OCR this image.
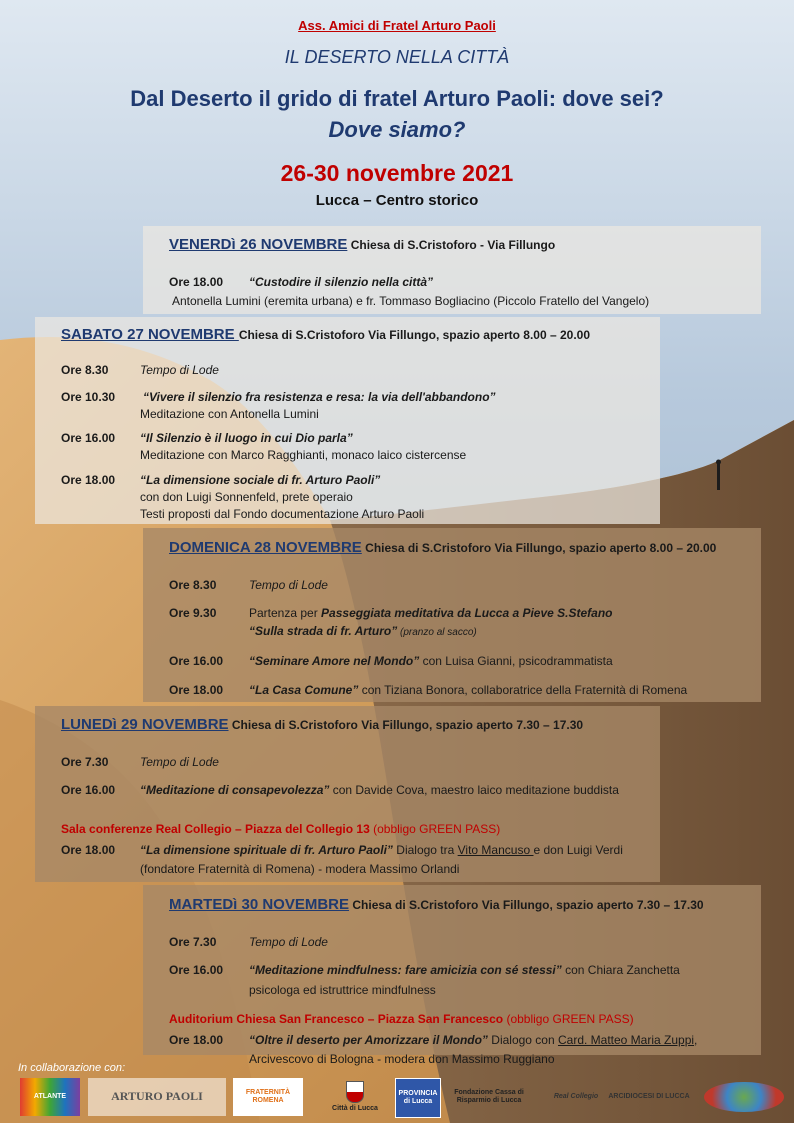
Ass. Amici di Fratel Arturo Paoli
IL DESERTO NELLA CITTÀ
Dal Deserto il grido di fratel Arturo Paoli: dove sei?
Dove siamo?
26-30 novembre 2021
Lucca – Centro storico
VENERDì 26 NOVEMBRE Chiesa di S.Cristoforo - Via Fillungo
Ore 18.00 “Custodire il silenzio nella città”
Antonella Lumini (eremita urbana) e fr. Tommaso Bogliacino (Piccolo Fratello del Vangelo)
SABATO 27 NOVEMBRE Chiesa di S.Cristoforo Via Fillungo, spazio aperto 8.00 – 20.00
Ore 8.30	Tempo di Lode
Ore 10.30 “Vivere il silenzio fra resistenza e resa: la via dell'abbandono”
Meditazione con Antonella Lumini
Ore 16.00 “Il Silenzio è il luogo in cui Dio parla”
Meditazione con Marco Ragghianti, monaco laico cistercense
Ore 18.00 “La dimensione sociale di fr. Arturo Paoli”
con don Luigi Sonnenfeld, prete operaio
Testi proposti dal Fondo documentazione Arturo Paoli
DOMENICA 28 NOVEMBRE Chiesa di S.Cristoforo Via Fillungo, spazio aperto 8.00 – 20.00
Ore 8.30	Tempo di Lode
Ore 9.30	Partenza per Passeggiata meditativa da Lucca a Pieve S.Stefano
“Sulla strada di fr. Arturo” (pranzo al sacco)
Ore 16.00 “Seminare Amore nel Mondo” con Luisa Gianni, psicodrammatista
Ore 18.00 “La Casa Comune” con Tiziana Bonora, collaboratrice della Fraternità di Romena
LUNEDì 29 NOVEMBRE Chiesa di S.Cristoforo Via Fillungo, spazio aperto 7.30 – 17.30
Ore 7.30	Tempo di Lode
Ore 16.00 “Meditazione di consapevolezza” con Davide Cova, maestro laico meditazione buddista
Sala conferenze Real Collegio – Piazza del Collegio 13 (obbligo GREEN PASS)
Ore 18.00 “La dimensione spirituale di fr. Arturo Paoli” Dialogo tra Vito Mancuso e don Luigi Verdi
(fondatore Fraternità di Romena) - modera Massimo Orlandi
MARTEDì 30 NOVEMBRE Chiesa di S.Cristoforo Via Fillungo, spazio aperto 7.30 – 17.30
Ore 7.30	Tempo di Lode
Ore 16.00 “Meditazione mindfulness: fare amicizia con sé stessi” con Chiara Zanchetta
psicologa ed istruttrice mindfulness
Auditorium Chiesa San Francesco – Piazza San Francesco (obbligo GREEN PASS)
Ore 18.00 “Oltre il deserto per Amorizzare il Mondo” Dialogo con Card. Matteo Maria Zuppi,
Arcivescovo di Bologna - modera don Massimo Ruggiano
In collaborazione con:
ATLANTE	ARTURO PAOLI	FRATERNITÀ ROMENA
Città di Lucca
PROVINCIA di Lucca
Fondazione Cassa di Risparmio di Lucca
Real Collegio ARCIDIOCESI DI LUCCA
